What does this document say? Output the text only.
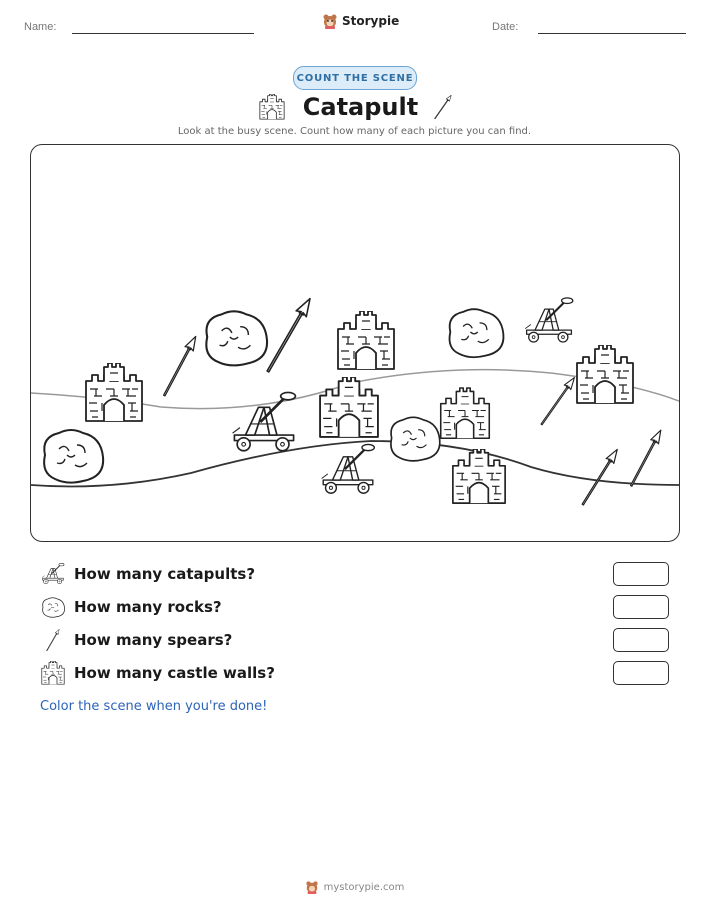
Name:	Storypie	Date:
COUNT THE SCENE
Catapult
Look at the busy scene. Count how many of each picture you can find.
How many catapults?
How many rocks?
How many spears?
How many castle walls?
Color the scene when you're done!
mystorypie.com
